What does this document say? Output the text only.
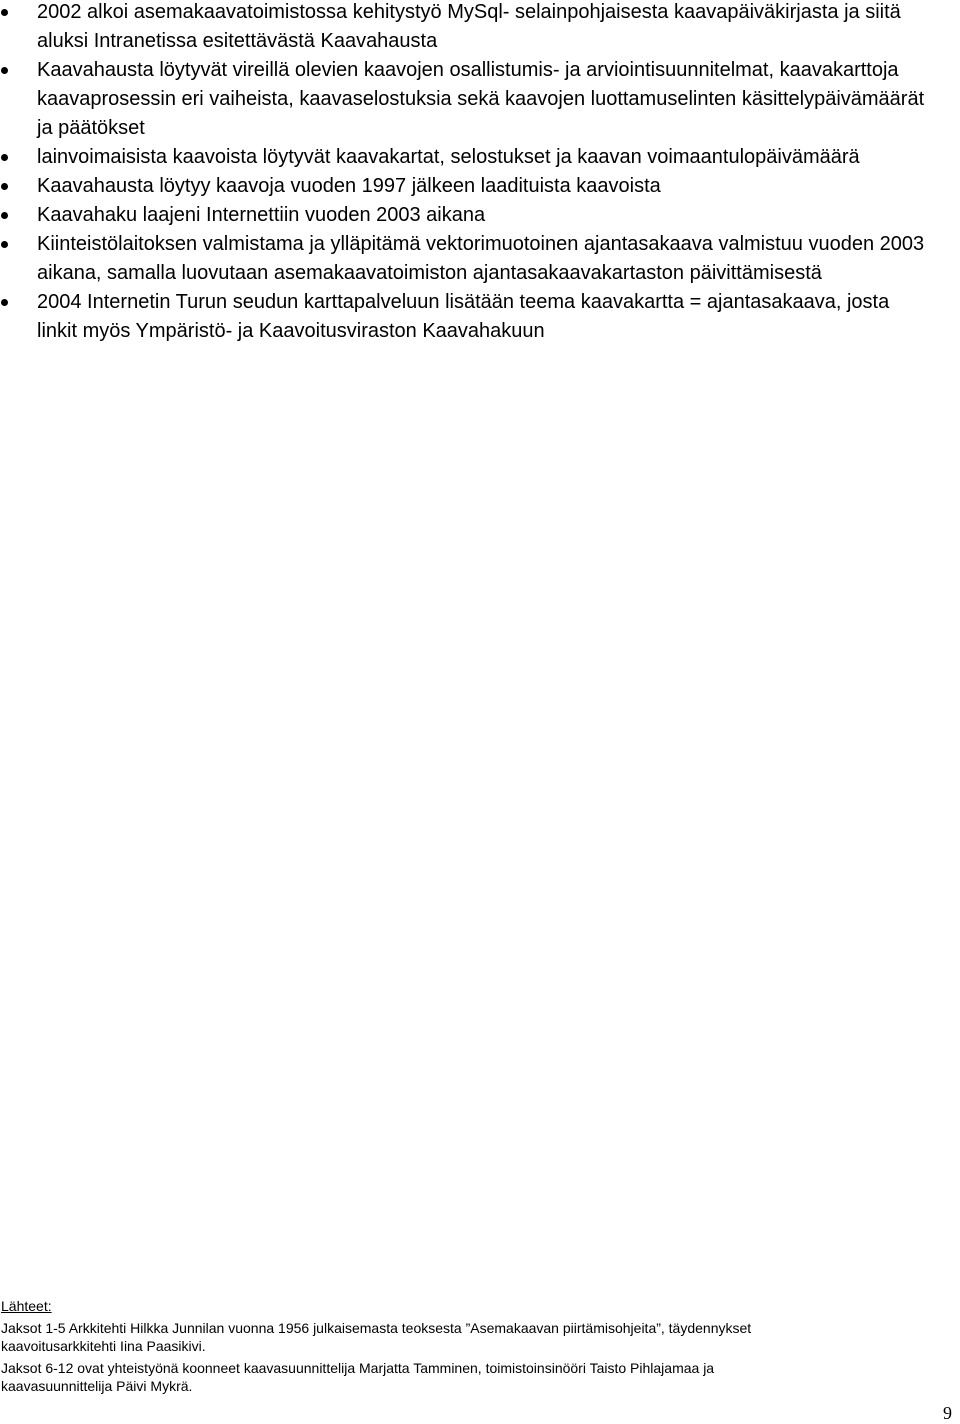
2002 alkoi asemakaavatoimistossa kehitystyö MySql- selainpohjaisesta kaavapäiväkirjasta ja siitä aluksi Intranetissa esitettävästä Kaavahausta
Kaavahausta löytyvät vireillä olevien kaavojen osallistumis- ja arviointisuunnitelmat, kaavakarttoja kaavaprosessin eri vaiheista, kaavaselostuksia sekä kaavojen luottamuselinten käsittelypäivämäärät ja päätökset
lainvoimaisista kaavoista löytyvät kaavakartat, selostukset ja kaavan voimaantulopäivämäärä
Kaavahausta löytyy kaavoja vuoden 1997 jälkeen laadituista kaavoista
Kaavahaku laajeni Internettiin vuoden 2003 aikana
Kiinteistölaitoksen valmistama ja ylläpitämä vektorimuotoinen ajantasakaava valmistuu vuoden 2003 aikana, samalla luovutaan asemakaavatoimiston ajantasakaavakartaston päivittämisestä
2004 Internetin Turun seudun karttapalveluun lisätään teema kaavakartta = ajantasakaava, josta linkit myös Ympäristö- ja Kaavoitusviraston Kaavahakuun
Lähteet:
Jaksot 1-5 Arkkitehti Hilkka Junnilan vuonna 1956 julkaisemasta teoksesta ”Asemakaavan piirtämisohjeita”, täydennykset
kaavoitusarkkitehti Iina Paasikivi.
Jaksot 6-12 ovat yhteistyönä koonneet kaavasuunnittelija Marjatta Tamminen, toimistoinsinööri Taisto Pihlajamaa ja
kaavasuunnittelija Päivi Mykrä.
9
